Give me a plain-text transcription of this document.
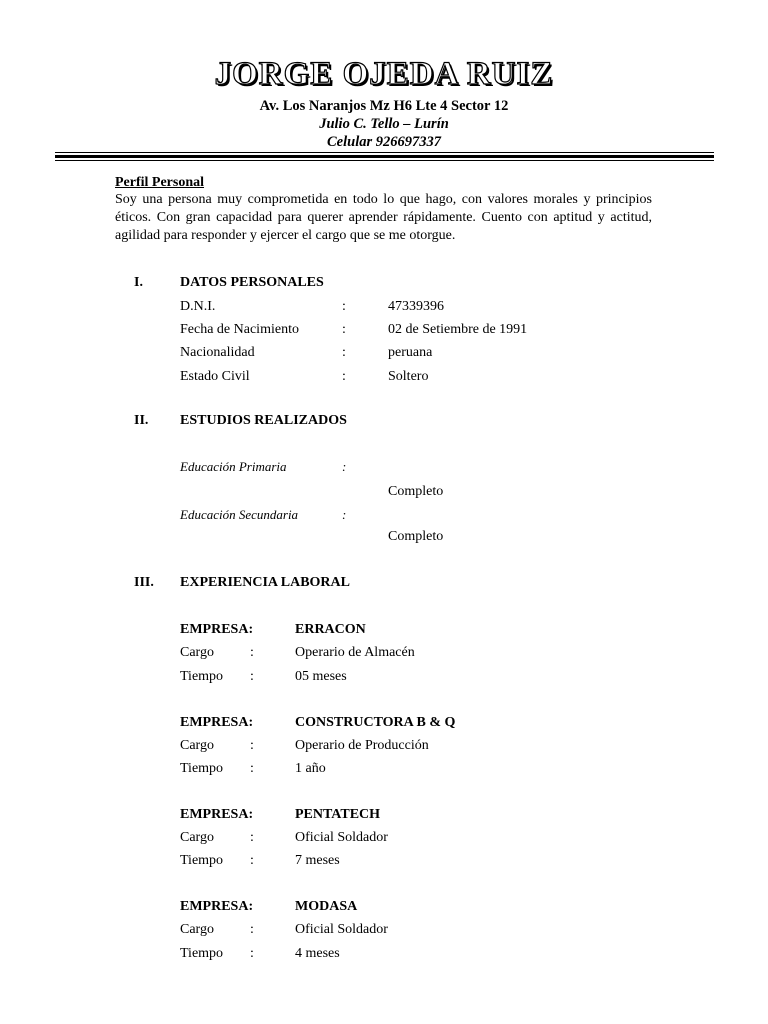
JORGE OJEDA RUIZ
Av. Los Naranjos Mz H6 Lte 4 Sector 12
Julio C. Tello – Lurín
Celular 926697337
Perfil Personal
Soy una persona muy comprometida en todo lo que hago, con valores morales y principios éticos. Con gran capacidad para querer aprender rápidamente. Cuento con aptitud y actitud, agilidad para responder y ejercer el cargo que se me otorgue.
I.	DATOS PERSONALES
D.N.I.	:	47339396
Fecha de Nacimiento	:	02 de Setiembre de 1991
Nacionalidad	:	peruana
Estado Civil	:	Soltero
II. ESTUDIOS REALIZADOS
Educación Primaria	:
Completo
Educación Secundaria	:
Completo
III. EXPERIENCIA LABORAL
EMPRESA:	ERRACON
Cargo	:	Operario de Almacén
Tiempo :	05 meses
EMPRESA:	CONSTRUCTORA B & Q
Cargo	:	Operario de Producción
Tiempo :	1 año
EMPRESA:	PENTATECH
Cargo	:	Oficial Soldador
Tiempo :	7 meses
EMPRESA:	MODASA
Cargo	:	Oficial Soldador
Tiempo :	4 meses
